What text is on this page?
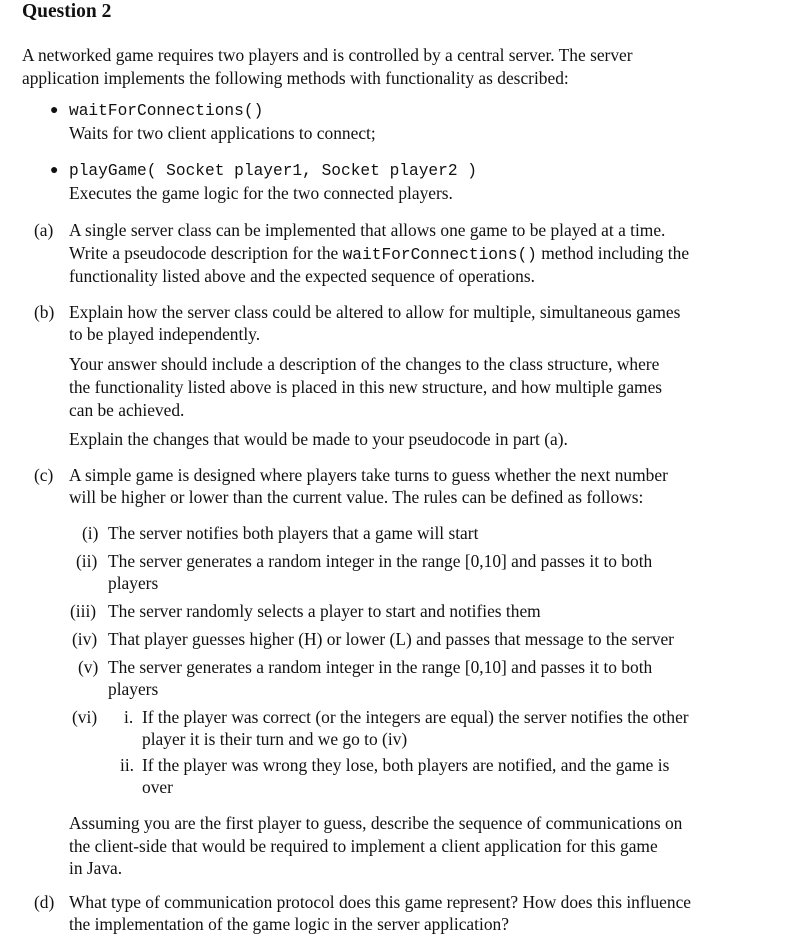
Question 2
A networked game requires two players and is controlled by a central server. The server
application implements the following methods with functionality as described:
● waitForConnections()
Waits for two client applications to connect;
● playGame( Socket player1, Socket player2 )
Executes the game logic for the two connected players.
(a) A single server class can be implemented that allows one game to be played at a time.
Write a pseudocode description for the waitForConnections() method including the
functionality listed above and the expected sequence of operations.
(b) Explain how the server class could be altered to allow for multiple, simultaneous games
to be played independently.
Your answer should include a description of the changes to the class structure, where
the functionality listed above is placed in this new structure, and how multiple games
can be achieved.
Explain the changes that would be made to your pseudocode in part (a).
(c) A simple game is designed where players take turns to guess whether the next number
will be higher or lower than the current value. The rules can be defined as follows:
(i) The server notifies both players that a game will start
(ii) The server generates a random integer in the range [0,10] and passes it to both
players
(iii) The server randomly selects a player to start and notifies them
(iv) That player guesses higher (H) or lower (L) and passes that message to the server
(v) The server generates a random integer in the range [0,10] and passes it to both
players
(vi) i. If the player was correct (or the integers are equal) the server notifies the other
player it is their turn and we go to (iv)
ii. If the player was wrong they lose, both players are notified, and the game is
over
Assuming you are the first player to guess, describe the sequence of communications on
the client-side that would be required to implement a client application for this game
in Java.
(d) What type of communication protocol does this game represent? How does this influence
the implementation of the game logic in the server application?
